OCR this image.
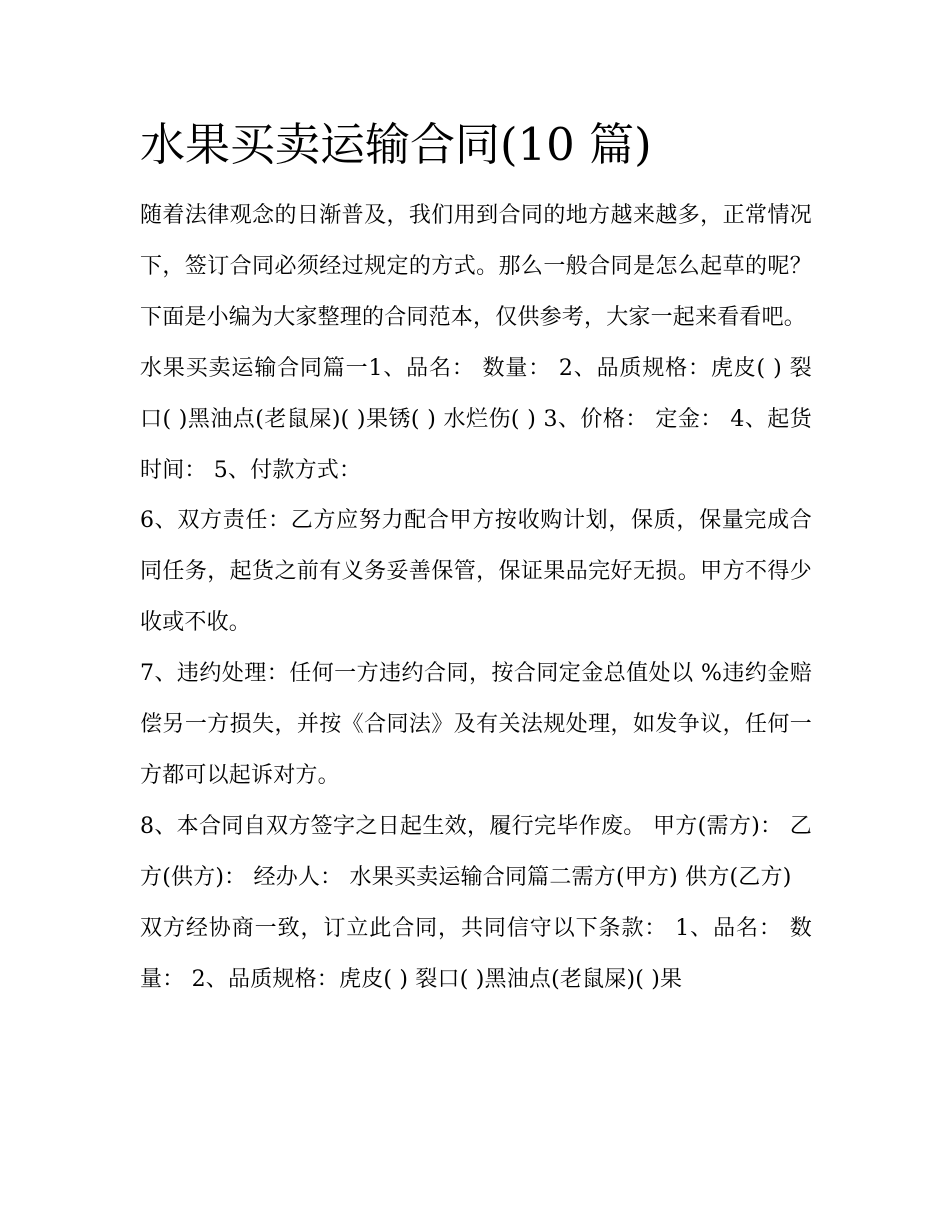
水果买卖运输合同(10 篇)

随着法律观念的日渐普及，我们用到合同的地方越来越多，正常情况下，签订合同必须经过规定的方式。那么一般合同是怎么起草的呢？下面是小编为大家整理的合同范本，仅供参考，大家一起来看看吧。

水果买卖运输合同篇一1、品名： 数量： 2、品质规格：虎皮( ) 裂口( )黑油点(老鼠屎)( )果锈( ) 水烂伤( ) 3、价格： 定金： 4、起货时间： 5、付款方式：

6、双方责任：乙方应努力配合甲方按收购计划，保质，保量完成合同任务，起货之前有义务妥善保管，保证果品完好无损。甲方不得少收或不收。

7、违约处理：任何一方违约合同，按合同定金总值处以 %违约金赔偿另一方损失，并按《合同法》及有关法规处理，如发争议，任何一方都可以起诉对方。

8、本合同自双方签字之日起生效，履行完毕作废。 甲方(需方)： 乙方(供方)： 经办人： 水果买卖运输合同篇二需方(甲方) 供方(乙方)

双方经协商一致，订立此合同，共同信守以下条款： 1、品名： 数量： 2、品质规格：虎皮( ) 裂口( )黑油点(老鼠屎)( )果
